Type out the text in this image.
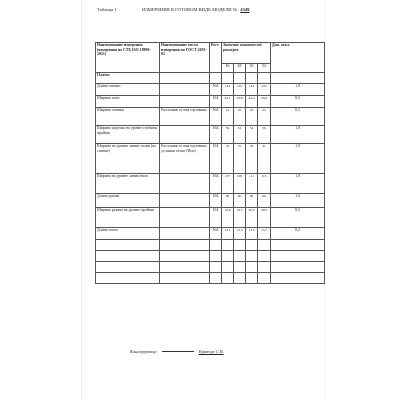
Таблица 1	ИЗМЕРЕНИЯ В ГОТОВОМ ВИДЕ МОДЕЛИ № 4349
Наименование измерения (измерения по СТБ ISO 18890-2021)	Наименование места измерения по ГОСТ 4103-82	Рост	Значение показателей размеров				Доп. откл.
			46	48	50	52	
Платье							
Длина спинки		164	124	124	124	124	1,0
Ширина плеч		164	43,2	43,8	44,4	45,0	0,5
Ширина спинки	Расстояние от шва горловины	164	41	42	43	44	0,5
Ширина изделия на уровне глубины проймы		164	50	52	54	56	1,0
Ширина на уровне линии талии (по спинке)	Расстояние от шва горловины до линии талии (38см)	164	35	37	39	41	1,0
Ширина на уровне линии низа		164	107	109	111	113	1,0
Длина рукава		164	60	60	60	60	1,0
Ширина рукава на уровне проймы		164	19,0	19,5	20,0	20,5	0,5
Длина плеча		164	13,1	13,3	13,5	13,7	0,2

Конструктор	Кравчук С.В.
